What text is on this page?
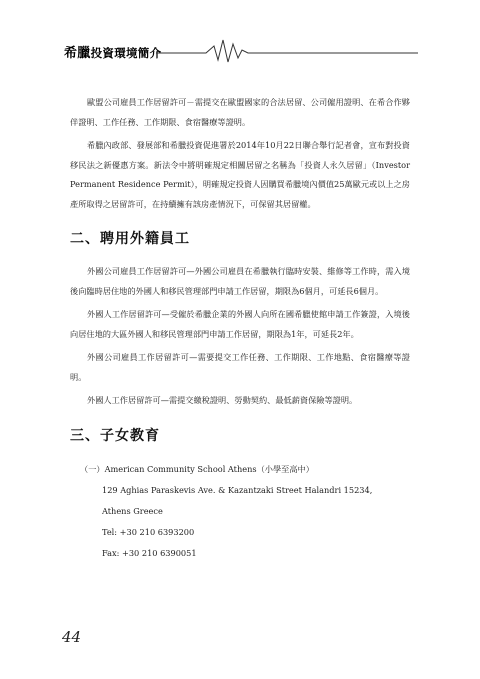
希臘投資環境簡介

歐盟公司雇員工作居留許可－需提交在歐盟國家的合法居留、公司僱用證明、在希合作夥伴證明、工作任務、工作期限、食宿醫療等證明。

希臘內政部、發展部和希臘投資促進署於2014年10月22日聯合舉行記者會，宣布對投資移民法之新優惠方案。新法令中將明確規定相關居留之名稱為「投資人永久居留」（Investor Permanent Residence Permit），明確規定投資人因購買希臘境內價值25萬歐元或以上之房產所取得之居留許可，在持續擁有該房產情況下，可保留其居留權。

二、聘用外籍員工

外國公司雇員工作居留許可—外國公司雇員在希臘執行臨時安裝、維修等工作時，需入境後向臨時居住地的外國人和移民管理部門申請工作居留，期限為6個月，可延長6個月。

外國人工作居留許可—受僱於希臘企業的外國人向所在國希臘使館申請工作簽證，入境後向居住地的大區外國人和移民管理部門申請工作居留，期限為1年，可延長2年。

外國公司雇員工作居留許可—需要提交工作任務、工作期限、工作地點、食宿醫療等證明。

外國人工作居留許可—需提交繳稅證明、勞動契約、最低薪資保險等證明。

三、子女教育
（一）American Community School Athens（小學至高中）
129 Aghias Paraskevis Ave. & Kazantzaki Street Halandri 15234,
Athens Greece
Tel: +30 210 6393200
Fax: +30 210 6390051
44
